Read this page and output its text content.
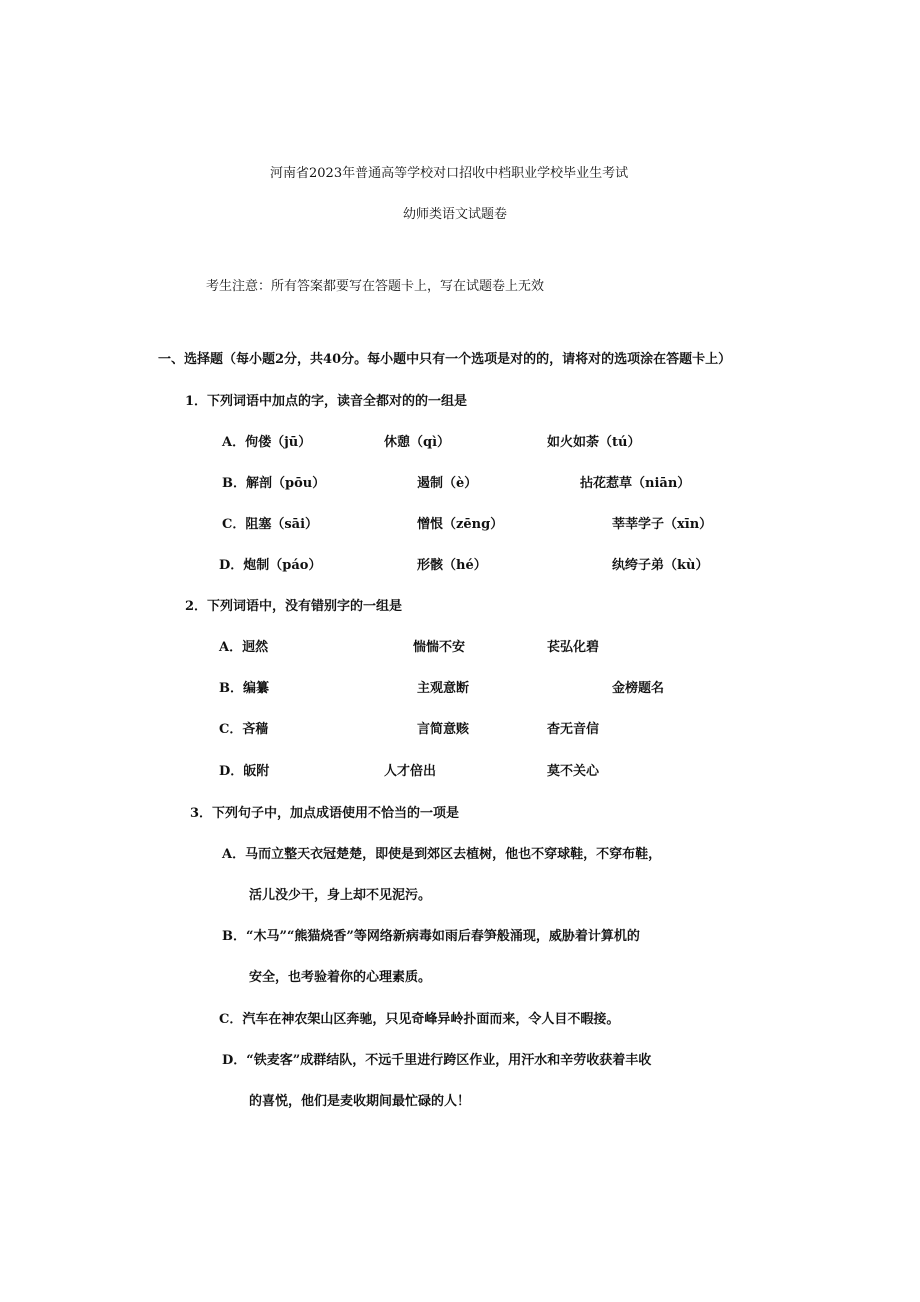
河南省2023年普通高等学校对口招收中档职业学校毕业生考试
幼师类语文试题卷
考生注意：所有答案都要写在答题卡上，写在试题卷上无效
一、选择题（每小题2分，共40分。每小题中只有一个选项是对的的，请将对的选项涂在答题卡上）
1．下列词语中加点的字，读音全都对的的一组是
A．佝偻（jū）	休憩（qì）	如火如荼（tú）
B．解剖（pōu）	遏制（è）	拈花惹草（niān）
C．阻塞（sāi）	憎恨（zēng）	莘莘学子（xīn）
D．炮制（páo）	形骸（hé）	纨绔子弟（kù）
2．下列词语中，没有错别字的一组是
A．迥然	惴惴不安	苌弘化碧
B．编纂	主观意断	金榜题名
C．吝穑	言简意赅	杳无音信
D．皈附	人才倍出	莫不关心
3．下列句子中，加点成语使用不恰当的一项是
A．马而立整天衣冠楚楚，即使是到郊区去植树，他也不穿球鞋，不穿布鞋，
活儿没少干，身上却不见泥污。
B．“木马”“熊猫烧香”等网络新病毒如雨后春笋般涌现，威胁着计算机的
安全，也考验着你的心理素质。
C．汽车在神农架山区奔驰，只见奇峰异岭扑面而来，令人目不暇接。
D．“铁麦客”成群结队，不远千里进行跨区作业，用汗水和辛劳收获着丰收
的喜悦，他们是麦收期间最忙碌的人！
